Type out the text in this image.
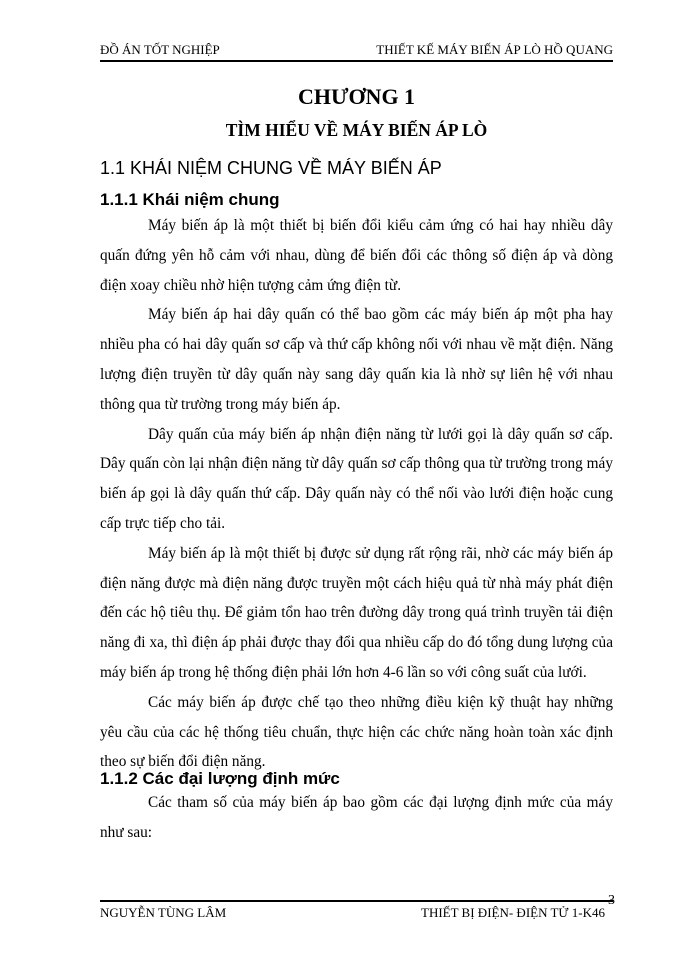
ĐỒ ÁN TỐT NGHIỆP	THIẾT KẾ MÁY BIẾN ÁP LÒ HỒ QUANG
CHƯƠNG 1
TÌM HIỂU VỀ MÁY BIẾN ÁP LÒ
1.1 KHÁI NIỆM CHUNG VỀ MÁY BIẾN ÁP
1.1.1 Khái niệm chung

Máy biến áp là một thiết bị biến đổi kiểu cảm ứng có hai hay nhiều dây quấn đứng yên hỗ cảm với nhau, dùng để biến đổi các thông số điện áp và dòng điện xoay chiều nhờ hiện tượng cảm ứng điện từ.

Máy biến áp hai dây quấn có thể bao gồm các máy biến áp một pha hay nhiều pha có hai dây quấn sơ cấp và thứ cấp không nối với nhau về mặt điện. Năng lượng điện truyền từ dây quấn này sang dây quấn kia là nhờ sự liên hệ với nhau thông qua từ trường trong máy biến áp.

Dây quấn của máy biến áp nhận điện năng từ lưới gọi là dây quấn sơ cấp. Dây quấn còn lại nhận điện năng từ dây quấn sơ cấp thông qua từ trường trong máy biến áp gọi là dây quấn thứ cấp. Dây quấn này có thể nối vào lưới điện hoặc cung cấp trực tiếp cho tải.

Máy biến áp là một thiết bị được sử dụng rất rộng rãi, nhờ các máy biến áp điện năng được mà điện năng được truyền một cách hiệu quả từ nhà máy phát điện đến các hộ tiêu thụ. Để giảm tổn hao trên đường dây trong quá trình truyền tải điện năng đi xa, thì điện áp phải được thay đổi qua nhiều cấp do đó tổng dung lượng của máy biến áp trong hệ thống điện phải lớn hơn 4-6 lần so với công suất của lưới.

Các máy biến áp được chế tạo theo những điều kiện kỹ thuật hay những yêu cầu của các hệ thống tiêu chuẩn, thực hiện các chức năng hoàn toàn xác định theo sự biến đổi điện năng.

1.1.2 Các đại lượng định mức

Các tham số của máy biến áp bao gồm các đại lượng định mức của máy như sau:

NGUYỄN TÙNG LÂM	THIẾT BỊ ĐIỆN- ĐIỆN TỬ 1-K46
3
